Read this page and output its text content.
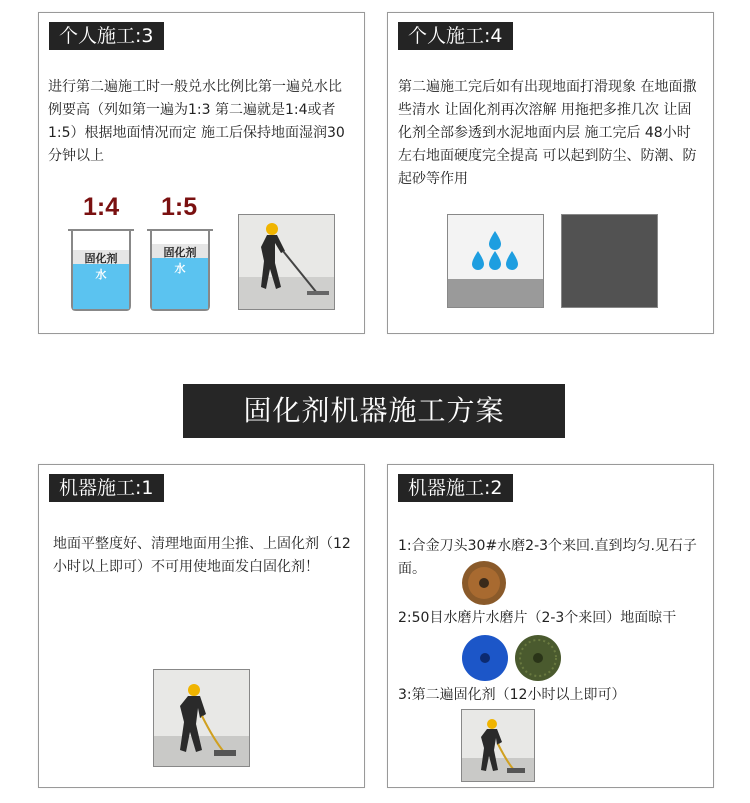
个人施工:3
进行第二遍施工时一般兑水比例比第一遍兑水比例要高（列如第一遍为1:3 第二遍就是1:4或者1:5）根据地面情况而定 施工后保持地面湿润30分钟以上
1:4 1:5
固化剂
水
固化剂
水
个人施工:4
第二遍施工完后如有出现地面打滑现象 在地面撒些清水 让固化剂再次溶解 用拖把多推几次 让固化剂全部参透到水泥地面内层 施工完后 48小时左右地面硬度完全提高 可以起到防尘、防潮、防起砂等作用
固化剂机器施工方案
机器施工:1
地面平整度好、清理地面用尘推、上固化剂（12小时以上即可）不可用使地面发白固化剂！
机器施工:2
1:合金刀头30#水磨2-3个来回.直到均匀.见石子面。
2:50目水磨片水磨片（2-3个来回）地面晾干
3:第二遍固化剂（12小时以上即可）
